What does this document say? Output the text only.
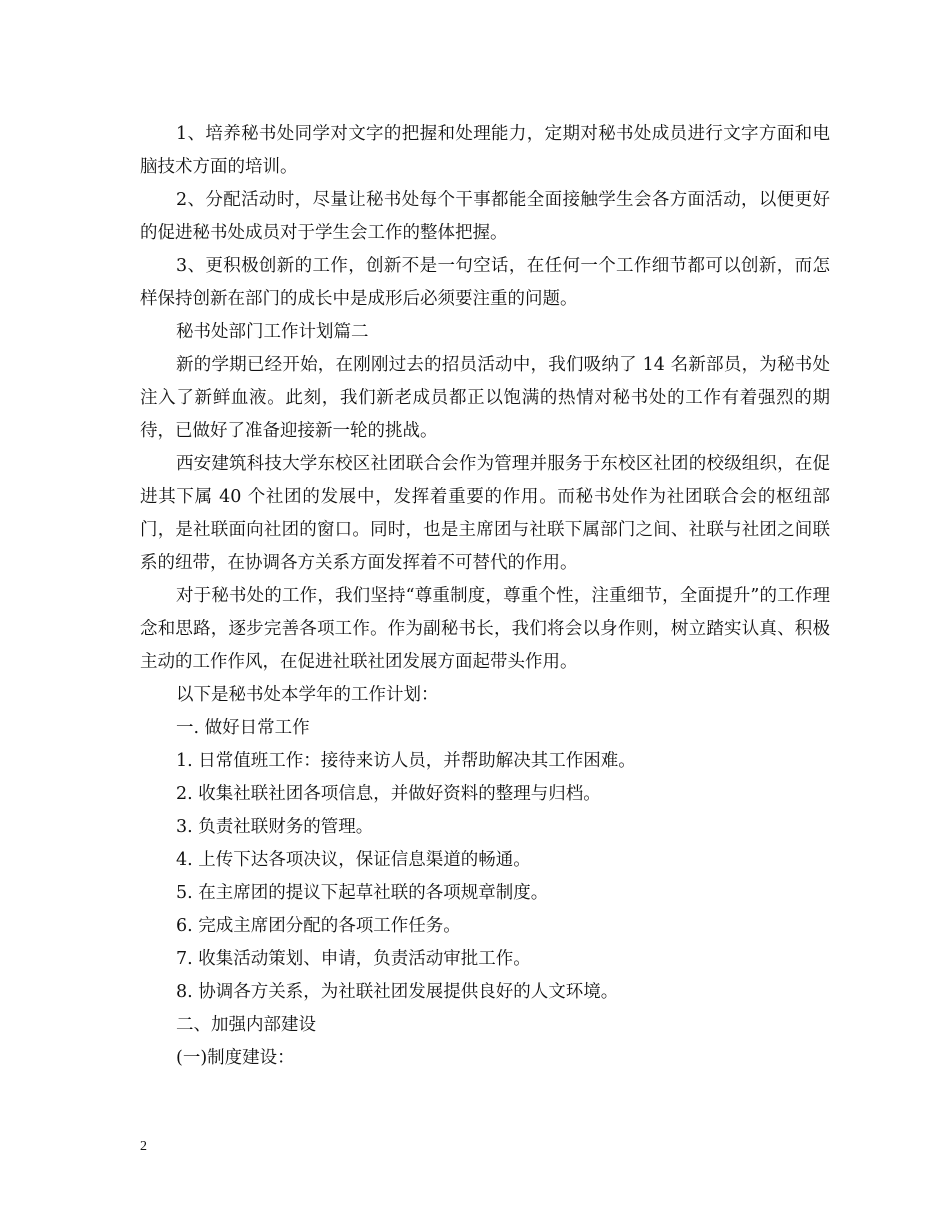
1、培养秘书处同学对文字的把握和处理能力，定期对秘书处成员进行文字方面和电脑技术方面的培训。

2、分配活动时，尽量让秘书处每个干事都能全面接触学生会各方面活动，以便更好的促进秘书处成员对于学生会工作的整体把握。

3、更积极创新的工作，创新不是一句空话，在任何一个工作细节都可以创新，而怎样保持创新在部门的成长中是成形后必须要注重的问题。

秘书处部门工作计划篇二

新的学期已经开始，在刚刚过去的招员活动中，我们吸纳了 14 名新部员，为秘书处注入了新鲜血液。此刻，我们新老成员都正以饱满的热情对秘书处的工作有着强烈的期待，已做好了准备迎接新一轮的挑战。

西安建筑科技大学东校区社团联合会作为管理并服务于东校区社团的校级组织，在促进其下属 40 个社团的发展中，发挥着重要的作用。而秘书处作为社团联合会的枢纽部门，是社联面向社团的窗口。同时，也是主席团与社联下属部门之间、社联与社团之间联系的纽带，在协调各方关系方面发挥着不可替代的作用。

对于秘书处的工作，我们坚持“尊重制度，尊重个性，注重细节，全面提升”的工作理念和思路，逐步完善各项工作。作为副秘书长，我们将会以身作则，树立踏实认真、积极主动的工作作风，在促进社联社团发展方面起带头作用。

以下是秘书处本学年的工作计划：

一. 做好日常工作

1. 日常值班工作：接待来访人员，并帮助解决其工作困难。

2. 收集社联社团各项信息，并做好资料的整理与归档。

3. 负责社联财务的管理。

4. 上传下达各项决议，保证信息渠道的畅通。

5. 在主席团的提议下起草社联的各项规章制度。

6. 完成主席团分配的各项工作任务。

7. 收集活动策划、申请，负责活动审批工作。

8. 协调各方关系，为社联社团发展提供良好的人文环境。

二、加强内部建设

(一)制度建设：

2
